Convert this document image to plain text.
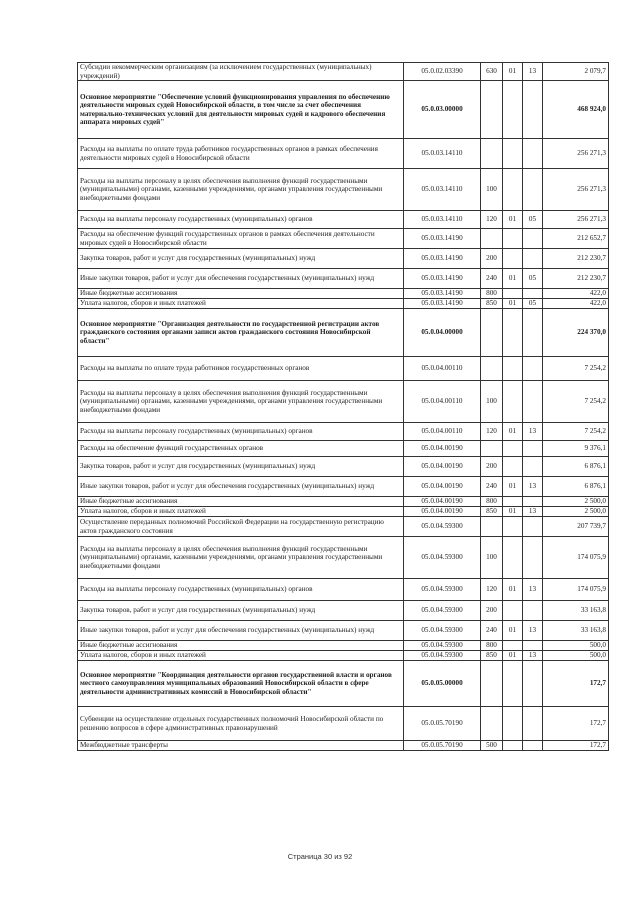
Субсидии некоммерческим организациям (за исключением государственных (муниципальных) учреждений)	05.0.02.03390	630	01	13	2 079,7
Основное мероприятие "Обеспечение условий функционирования управления по обеспечению деятельности мировых судей Новосибирской области, в том числе за счет обеспечения материально-технических условий для деятельности мировых судей и кадрового обеспечения аппарата мировых судей"	05.0.03.00000				468 924,0
Расходы на выплаты по оплате труда работников государственных органов в рамках обеспечения деятельности мировых судей в Новосибирской области	05.0.03.14110				256 271,3
Расходы на выплаты персоналу в целях обеспечения выполнения функций государственными (муниципальными) органами, казенными учреждениями, органами управления государственными внебюджетными фондами	05.0.03.14110	100			256 271,3
Расходы на выплаты персоналу государственных (муниципальных) органов	05.0.03.14110	120	01	05	256 271,3
Расходы на обеспечение функций государственных органов в рамках обеспечения деятельности мировых судей в Новосибирской области	05.0.03.14190				212 652,7
Закупка товаров, работ и услуг для государственных (муниципальных) нужд	05.0.03.14190	200			212 230,7
Иные закупки товаров, работ и услуг для обеспечения государственных (муниципальных) нужд	05.0.03.14190	240	01	05	212 230,7
Иные бюджетные ассигнования	05.0.03.14190	800			422,0
Уплата налогов, сборов и иных платежей	05.0.03.14190	850	01	05	422,0
Основное мероприятие "Организация деятельности по государственной регистрации актов гражданского состояния органами записи актов гражданского состояния Новосибирской области"	05.0.04.00000				224 370,0
Расходы на выплаты по оплате труда работников государственных органов	05.0.04.00110				7 254,2
Расходы на выплаты персоналу в целях обеспечения выполнения функций государственными (муниципальными) органами, казенными учреждениями, органами управления государственными внебюджетными фондами	05.0.04.00110	100			7 254,2
Расходы на выплаты персоналу государственных (муниципальных) органов	05.0.04.00110	120	01	13	7 254,2
Расходы на обеспечение функций государственных органов	05.0.04.00190				9 376,1
Закупка товаров, работ и услуг для государственных (муниципальных) нужд	05.0.04.00190	200			6 876,1
Иные закупки товаров, работ и услуг для обеспечения государственных (муниципальных) нужд	05.0.04.00190	240	01	13	6 876,1
Иные бюджетные ассигнования	05.0.04.00190	800			2 500,0
Уплата налогов, сборов и иных платежей	05.0.04.00190	850	01	13	2 500,0
Осуществление переданных полномочий Российской Федерации на государственную регистрацию актов гражданского состояния	05.0.04.59300				207 739,7
Расходы на выплаты персоналу в целях обеспечения выполнения функций государственными (муниципальными) органами, казенными учреждениями, органами управления государственными внебюджетными фондами	05.0.04.59300	100			174 075,9
Расходы на выплаты персоналу государственных (муниципальных) органов	05.0.04.59300	120	01	13	174 075,9
Закупка товаров, работ и услуг для государственных (муниципальных) нужд	05.0.04.59300	200			33 163,8
Иные закупки товаров, работ и услуг для обеспечения государственных (муниципальных) нужд	05.0.04.59300	240	01	13	33 163,8
Иные бюджетные ассигнования	05.0.04.59300	800			500,0
Уплата налогов, сборов и иных платежей	05.0.04.59300	850	01	13	500,0
Основное мероприятие "Координация деятельности органов государственной власти и органов местного самоуправления муниципальных образований Новосибирской области в сфере деятельности административных комиссий в Новосибирской области"	05.0.05.00000				172,7
Субвенции на осуществление отдельных государственных полномочий Новосибирской области по решению вопросов в сфере административных правонарушений	05.0.05.70190				172,7
Межбюджетные трансферты	05.0.05.70190	500			172,7
Страница 30 из 92
